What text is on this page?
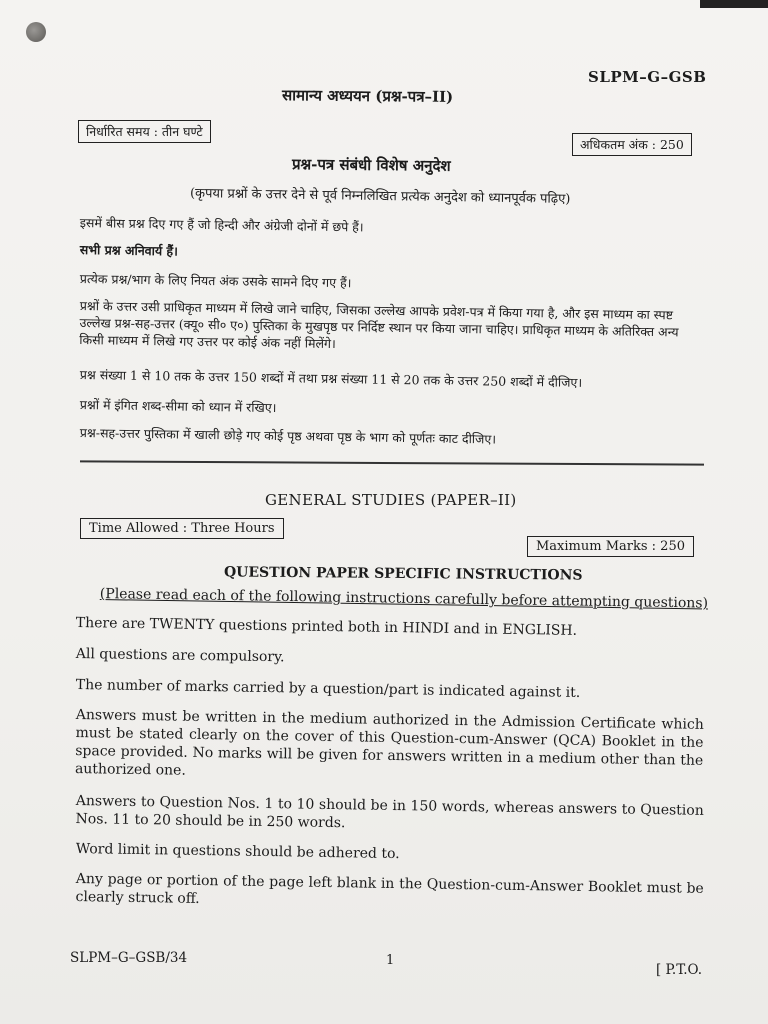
SLPM–G–GSB
सामान्य अध्ययन (प्रश्न-पत्र–II)
निर्धारित समय : तीन घण्टे
अधिकतम अंक : 250
प्रश्न-पत्र संबंधी विशेष अनुदेश
(कृपया प्रश्नों के उत्तर देने से पूर्व निम्नलिखित प्रत्येक अनुदेश को ध्यानपूर्वक पढ़िए)
इसमें बीस प्रश्न दिए गए हैं जो हिन्दी और अंग्रेजी दोनों में छपे हैं।
सभी प्रश्न अनिवार्य हैं।
प्रत्येक प्रश्न/भाग के लिए नियत अंक उसके सामने दिए गए हैं।
प्रश्नों के उत्तर उसी प्राधिकृत माध्यम में लिखे जाने चाहिए, जिसका उल्लेख आपके प्रवेश-पत्र में किया गया है, और इस माध्यम का स्पष्ट उल्लेख प्रश्न-सह-उत्तर (क्यू० सी० ए०) पुस्तिका के मुखपृष्ठ पर निर्दिष्ट स्थान पर किया जाना चाहिए। प्राधिकृत माध्यम के अतिरिक्त अन्य किसी माध्यम में लिखे गए उत्तर पर कोई अंक नहीं मिलेंगे।
प्रश्न संख्या 1 से 10 तक के उत्तर 150 शब्दों में तथा प्रश्न संख्या 11 से 20 तक के उत्तर 250 शब्दों में दीजिए।
प्रश्नों में इंगित शब्द-सीमा को ध्यान में रखिए।
प्रश्न-सह-उत्तर पुस्तिका में खाली छोड़े गए कोई पृष्ठ अथवा पृष्ठ के भाग को पूर्णतः काट दीजिए।
GENERAL STUDIES (PAPER–II)
Time Allowed : Three Hours
Maximum Marks : 250
QUESTION PAPER SPECIFIC INSTRUCTIONS
(Please read each of the following instructions carefully before attempting questions)
There are TWENTY questions printed both in HINDI and in ENGLISH.
All questions are compulsory.
The number of marks carried by a question/part is indicated against it.
Answers must be written in the medium authorized in the Admission Certificate which must be stated clearly on the cover of this Question-cum-Answer (QCA) Booklet in the space provided. No marks will be given for answers written in a medium other than the authorized one.
Answers to Question Nos. 1 to 10 should be in 150 words, whereas answers to Question Nos. 11 to 20 should be in 250 words.
Word limit in questions should be adhered to.
Any page or portion of the page left blank in the Question-cum-Answer Booklet must be clearly struck off.
SLPM–G–GSB/34	1
[ P.T.O.
